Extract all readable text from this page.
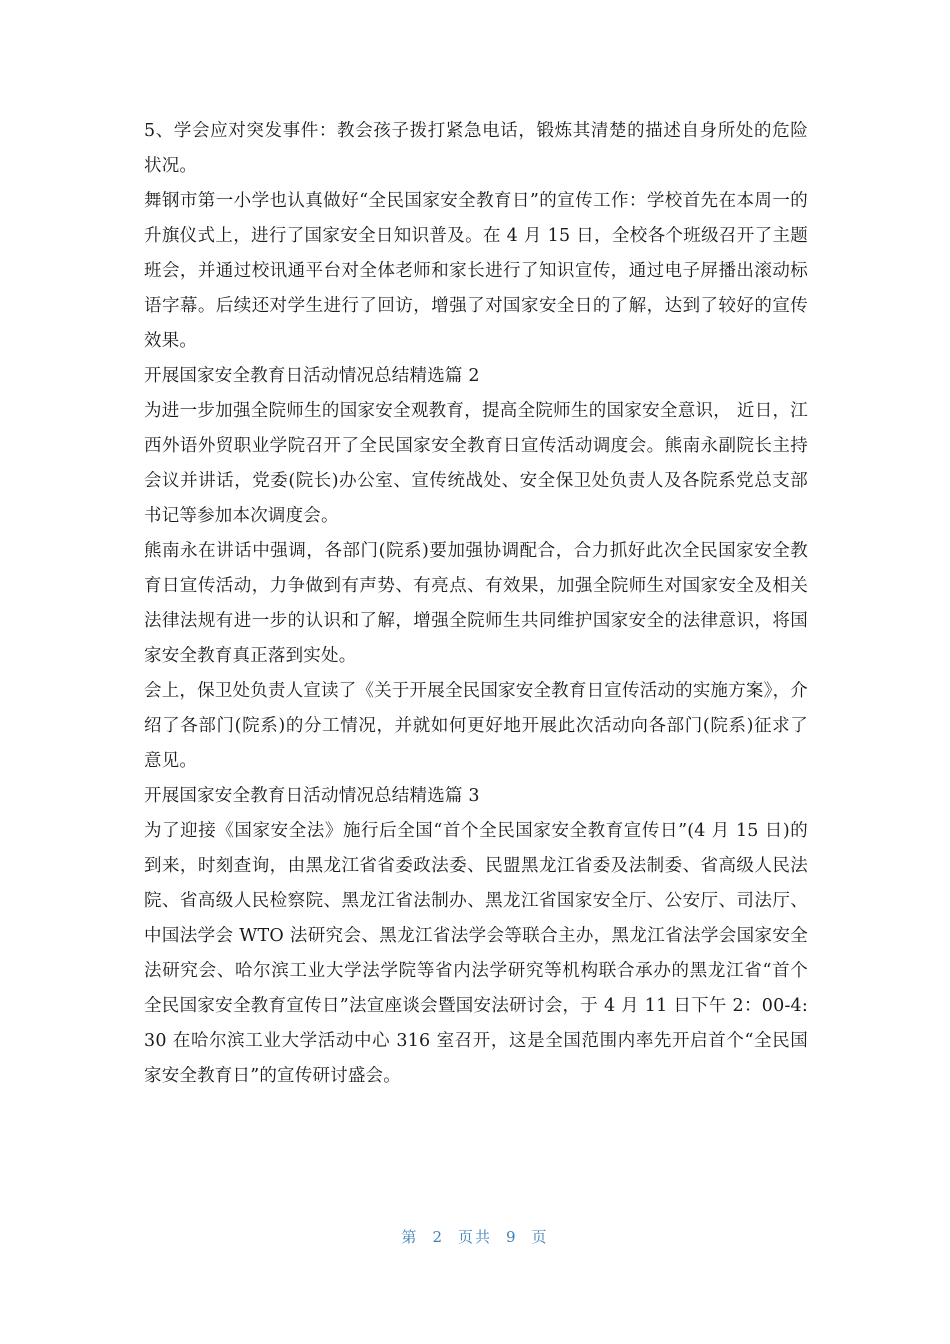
5、学会应对突发事件：教会孩子拨打紧急电话，锻炼其清楚的描述自身所处的危险状况。

舞钢市第一小学也认真做好“全民国家安全教育日”的宣传工作：学校首先在本周一的升旗仪式上，进行了国家安全日知识普及。在 4 月 15 日，全校各个班级召开了主题班会，并通过校讯通平台对全体老师和家长进行了知识宣传，通过电子屏播出滚动标语字幕。后续还对学生进行了回访，增强了对国家安全日的了解，达到了较好的宣传效果。

开展国家安全教育日活动情况总结精选篇 2

为进一步加强全院师生的国家安全观教育，提高全院师生的国家安全意识， 近日，江西外语外贸职业学院召开了全民国家安全教育日宣传活动调度会。熊南永副院长主持会议并讲话，党委(院长)办公室、宣传统战处、安全保卫处负责人及各院系党总支部书记等参加本次调度会。

熊南永在讲话中强调，各部门(院系)要加强协调配合，合力抓好此次全民国家安全教育日宣传活动，力争做到有声势、有亮点、有效果，加强全院师生对国家安全及相关法律法规有进一步的认识和了解，增强全院师生共同维护国家安全的法律意识，将国家安全教育真正落到实处。

会上，保卫处负责人宣读了《关于开展全民国家安全教育日宣传活动的实施方案》，介绍了各部门(院系)的分工情况，并就如何更好地开展此次活动向各部门(院系)征求了意见。

开展国家安全教育日活动情况总结精选篇 3

为了迎接《国家安全法》施行后全国“首个全民国家安全教育宣传日”(4 月 15 日)的到来，时刻查询，由黑龙江省省委政法委、民盟黑龙江省委及法制委、省高级人民法院、省高级人民检察院、黑龙江省法制办、黑龙江省国家安全厅、公安厅、司法厅、中国法学会 WTO 法研究会、黑龙江省法学会等联合主办，黑龙江省法学会国家安全法研究会、哈尔滨工业大学法学院等省内法学研究等机构联合承办的黑龙江省“首个全民国家安全教育宣传日”法宣座谈会暨国安法研讨会，于 4 月 11 日下午 2：00-4:30 在哈尔滨工业大学活动中心 316 室召开，这是全国范围内率先开启首个“全民国家安全教育日”的宣传研讨盛会。

第 2 页共 9 页
